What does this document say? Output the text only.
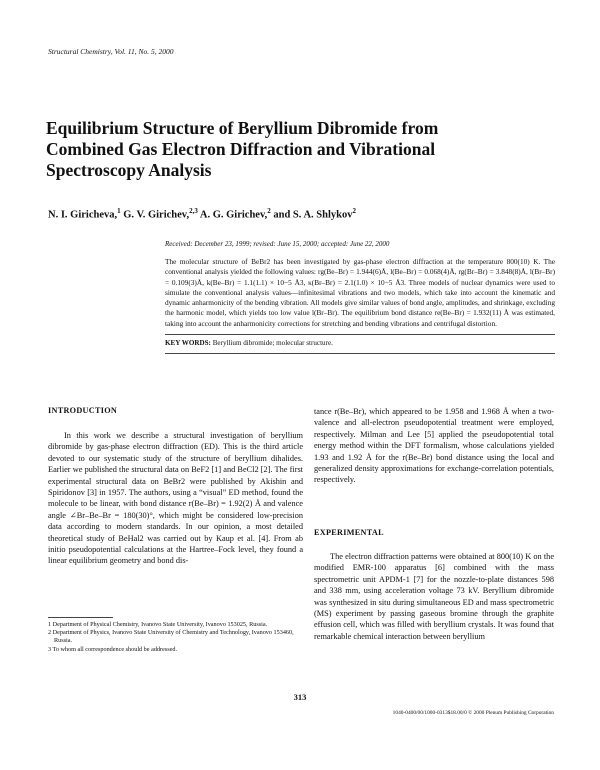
Structural Chemistry, Vol. 11, No. 5, 2000
Equilibrium Structure of Beryllium Dibromide from Combined Gas Electron Diffraction and Vibrational Spectroscopy Analysis
N. I. Giricheva,$^1$ G. V. Girichev,$^{2,3}$ A. G. Girichev,$^2$ and S. A. Shlykov$^2$
Received: December 23, 1999; revised: June 15, 2000; accepted: June 22, 2000
The molecular structure of BeBr2 has been investigated by gas-phase electron diffraction at the temperature 800(10) K. The conventional analysis yielded the following values: rg(Be–Br) = 1.944(6)Å, l(Be–Br) = 0.068(4)Å, rg(Br–Br) = 3.848(8)Å, l(Br–Br) = 0.109(3)Å, k(Be–Br) = 1.1(1.1) × 10−5 Å3, κ(Br–Br) = 2.1(1.0) × 10−5 Å3. Three models of nuclear dynamics were used to simulate the conventional analysis values—infinitesimal vibrations and two models, which take into account the kinematic and dynamic anharmonicity of the bending vibration. All models give similar values of bond angle, amplitudes, and shrinkage, excluding the harmonic model, which yields too low value l(Br–Br). The equilibrium bond distance re(Be–Br) = 1.932(11) Å was estimated, taking into account the anharmonicity corrections for stretching and bending vibrations and centrifugal distortion.
KEY WORDS: Beryllium dibromide; molecular structure.
INTRODUCTION

In this work we describe a structural investigation of beryllium dibromide by gas-phase electron diffraction (ED). This is the third article devoted to our systematic study of the structure of beryllium dihalides. Earlier we published the structural data on BeF2 [1] and BeCl2 [2]. The first experimental structural data on BeBr2 were published by Akishin and Spiridonov [3] in 1957. The authors, using a “visual” ED method, found the molecule to be linear, with bond distance r(Be–Br) = 1.92(2) Å and valence angle ∠Br–Be–Br = 180(30)°, which might be considered low-precision data according to modern standards. In our opinion, a most detailed theoretical study of BeHal2 was carried out by Kaup et al. [4]. From ab initio pseudopotential calculations at the Hartree–Fock level, they found a linear equilibrium geometry and bond dis-

1 Department of Physical Chemistry, Ivanovo State University, Ivanovo 153025, Russia.
2 Department of Physics, Ivanovo State University of Chemistry and Technology, Ivanovo 153460, Russia.
3 To whom all correspondence should be addressed.

tance r(Be–Br), which appeared to be 1.958 and 1.968 Å when a two-valence and all-electron pseudopotential treatment were employed, respectively. Milman and Lee [5] applied the pseudopotential total energy method within the DFT formalism, whose calculations yielded 1.93 and 1.92 Å for the r(Be–Br) bond distance using the local and generalized density approximations for exchange-correlation potentials, respectively.

EXPERIMENTAL

The electron diffraction patterns were obtained at 800(10) K on the modified EMR-100 apparatus [6] combined with the mass spectrometric unit APDM-1 [7] for the nozzle-to-plate distances 598 and 338 mm, using acceleration voltage 73 kV. Beryllium dibromide was synthesized in situ during simultaneous ED and mass spectrometric (MS) experiment by passing gaseous bromine through the graphite effusion cell, which was filled with beryllium crystals. It was found that remarkable chemical interaction between beryllium

313
1040-0400/00/1000-0313$18.00/0 © 2000 Plenum Publishing Corporation
